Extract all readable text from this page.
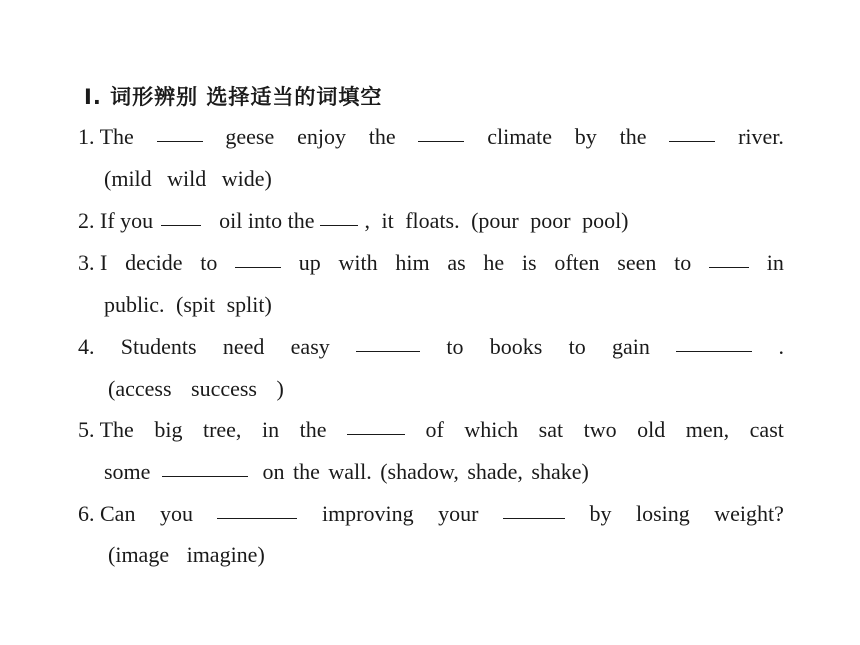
Ⅰ. 词形辨别 选择适当的词填空
1. The	geese enjoy the	climate by the	river.
(mild wild wide)
2. If you	oil into the , it floats. (pour poor pool)
3. I decide to	up with him as he is often seen to	in
public. (spit split)
4. Students need easy	to books to gain	.
(access success )
5. The big tree, in the	of which sat two old men, cast
some	on the wall. (shadow, shade, shake)
6. Can you	improving your	by losing weight?
(image imagine)
